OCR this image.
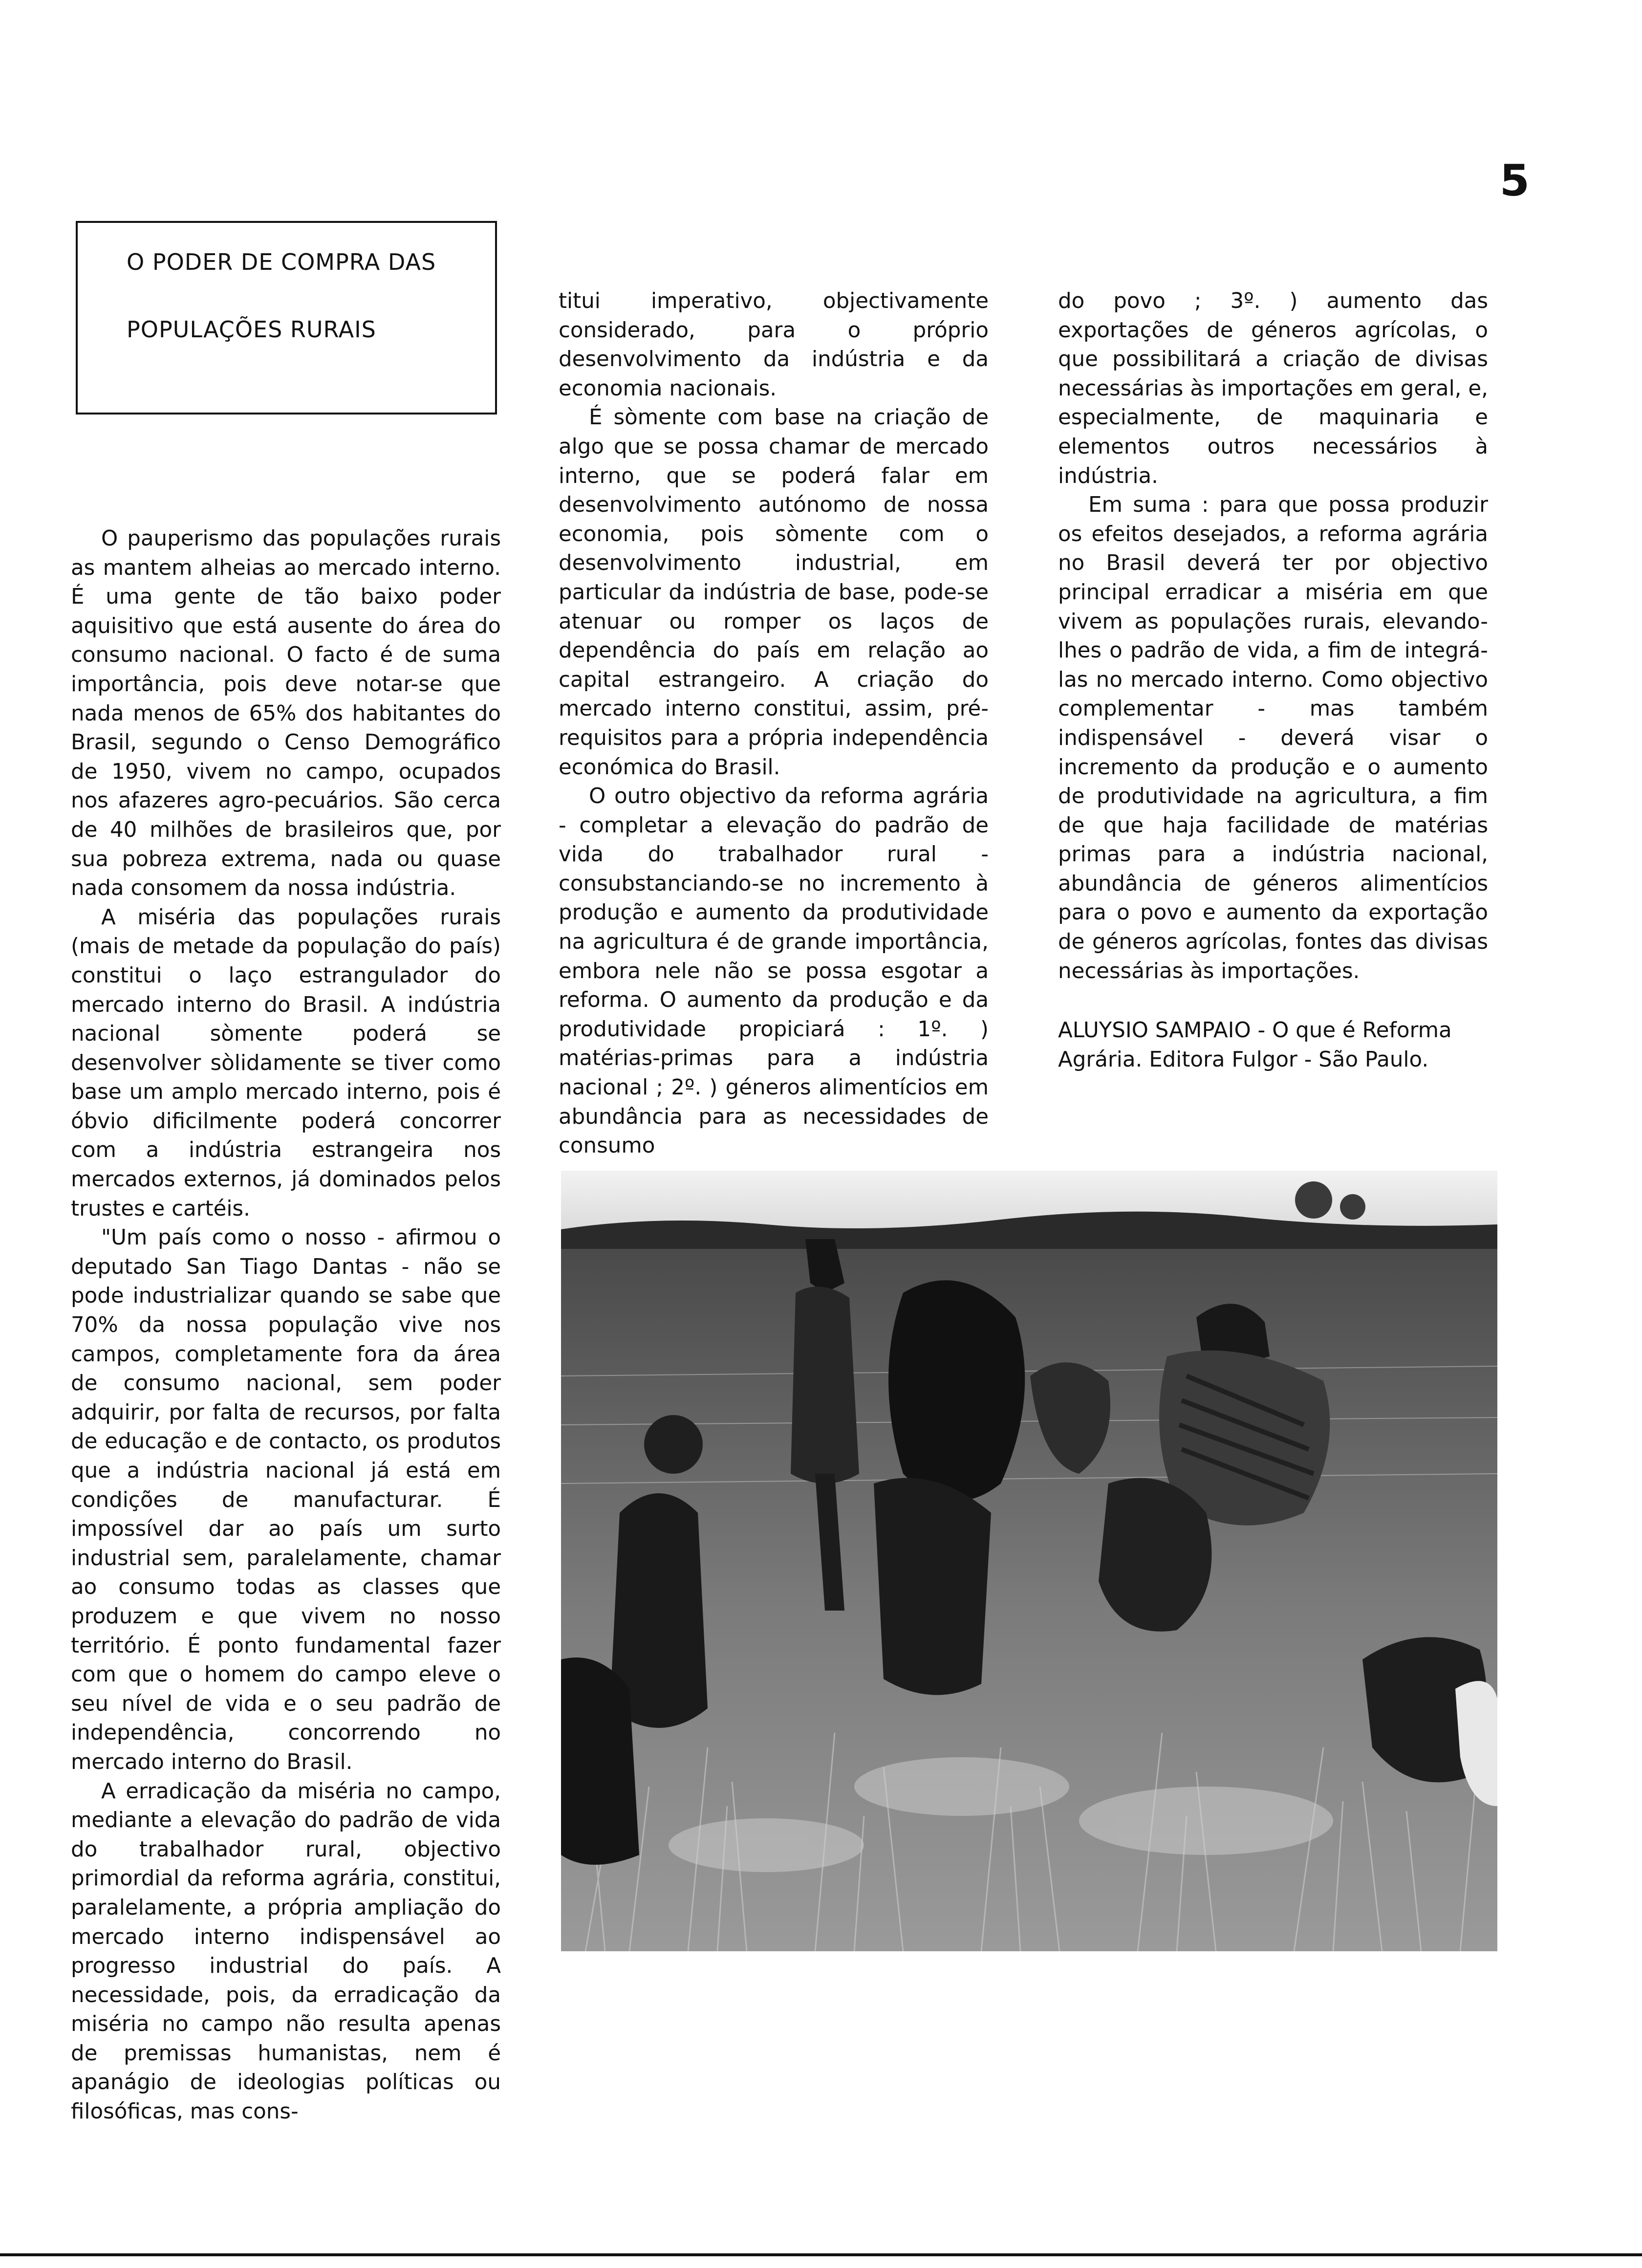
5
O PODER DE COMPRA DAS
POPULAÇÕES RURAIS

O pauperismo das populações rurais as mantem alheias ao mercado interno. É uma gente de tão baixo poder aquisitivo que está ausente do área do consumo nacional. O facto é de suma importância, pois deve notar-se que nada menos de 65% dos habitantes do Brasil, segundo o Censo Demográfico de 1950, vivem no campo, ocupados nos afazeres agro-pecuários. São cerca de 40 milhões de brasileiros que, por sua pobreza extrema, nada ou quase nada consomem da nossa indústria.

A miséria das populações rurais (mais de metade da população do país) constitui o laço estrangulador do mercado interno do Brasil. A indústria nacional sòmente poderá se desenvolver sòlidamente se tiver como base um amplo mercado interno, pois é óbvio dificilmente poderá concorrer com a indústria estrangeira nos mercados externos, já dominados pelos trustes e cartéis.

"Um país como o nosso - afirmou o deputado San Tiago Dantas - não se pode industrializar quando se sabe que 70% da nossa população vive nos campos, completamente fora da área de consumo nacional, sem poder adquirir, por falta de recursos, por falta de educação e de contacto, os produtos que a indústria nacional já está em condições de manufacturar. É impossível dar ao país um surto industrial sem, paralelamente, chamar ao consumo todas as classes que produzem e que vivem no nosso território. É ponto fundamental fazer com que o homem do campo eleve o seu nível de vida e o seu padrão de independência, concorrendo no mercado interno do Brasil.

A erradicação da miséria no campo, mediante a elevação do padrão de vida do trabalhador rural, objectivo primordial da reforma agrária, constitui, paralelamente, a própria ampliação do mercado interno indispensável ao progresso industrial do país. A necessidade, pois, da erradicação da miséria no campo não resulta apenas de premissas humanistas, nem é apanágio de ideologias políticas ou filosóficas, mas cons-

titui imperativo, objectivamente considerado, para o próprio desenvolvimento da indústria e da economia nacionais.

É sòmente com base na criação de algo que se possa chamar de mercado interno, que se poderá falar em desenvolvimento autónomo de nossa economia, pois sòmente com o desenvolvimento industrial, em particular da indústria de base, pode-se atenuar ou romper os laços de dependência do país em relação ao capital estrangeiro. A criação do mercado interno constitui, assim, pré-requisitos para a própria independência económica do Brasil.

O outro objectivo da reforma agrária - completar a elevação do padrão de vida do trabalhador rural - consubstanciando-se no incremento à produção e aumento da produtividade na agricultura é de grande importância, embora nele não se possa esgotar a reforma. O aumento da produção e da produtividade propiciará : 1º. ) matérias-primas para a indústria nacional ; 2º. ) géneros alimentícios em abundância para as necessidades de consumo

do povo ; 3º. ) aumento das exportações de géneros agrícolas, o que possibilitará a criação de divisas necessárias às importações em geral, e, especialmente, de maquinaria e elementos outros necessários à indústria.

Em suma : para que possa produzir os efeitos desejados, a reforma agrária no Brasil deverá ter por objectivo principal erradicar a miséria em que vivem as populações rurais, elevando-lhes o padrão de vida, a fim de integrá-las no mercado interno. Como objectivo complementar - mas também indispensável - deverá visar o incremento da produção e o aumento de produtividade na agricultura, a fim de que haja facilidade de matérias primas para a indústria nacional, abundância de géneros alimentícios para o povo e aumento da exportação de géneros agrícolas, fontes das divisas necessárias às importações.

ALUYSIO SAMPAIO - O que é Reforma Agrária. Editora Fulgor - São Paulo.
